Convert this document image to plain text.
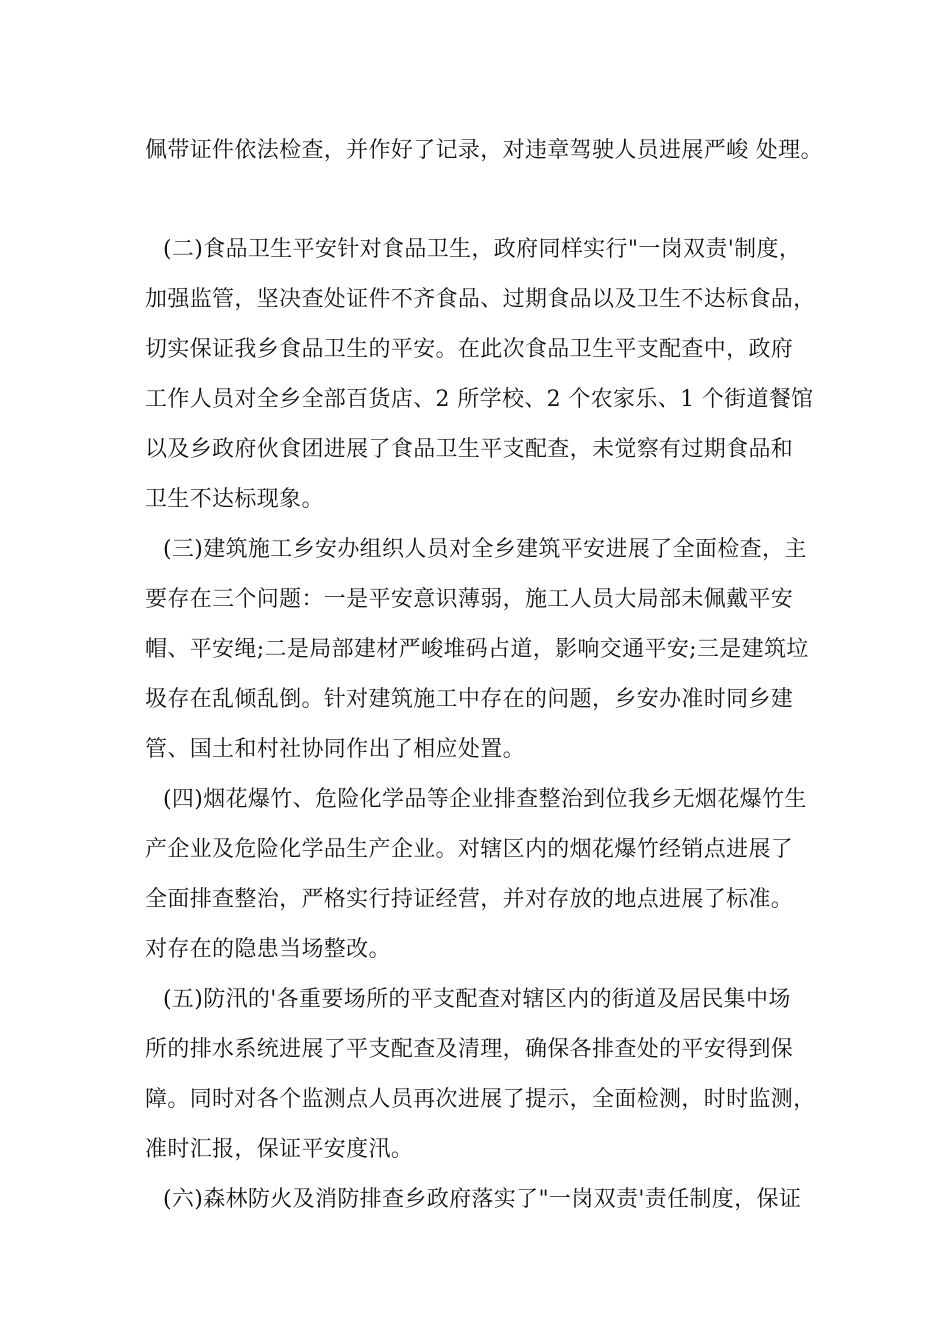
佩带证件依法检查，并作好了记录，对违章驾驶人员进展严峻 处理。
(二)食品卫生平安针对食品卫生，政府同样实行"一岗双责'制度，
加强监管，坚决查处证件不齐食品、过期食品以及卫生不达标食品，
切实保证我乡食品卫生的平安。在此次食品卫生平支配查中，政府
工作人员对全乡全部百货店、2 所学校、2 个农家乐、1 个街道餐馆
以及乡政府伙食团进展了食品卫生平支配查，未觉察有过期食品和
卫生不达标现象。
(三)建筑施工乡安办组织人员对全乡建筑平安进展了全面检查，主
要存在三个问题：一是平安意识薄弱，施工人员大局部未佩戴平安
帽、平安绳;二是局部建材严峻堆码占道，影响交通平安;三是建筑垃
圾存在乱倾乱倒。针对建筑施工中存在的问题，乡安办准时同乡建
管、国土和村社协同作出了相应处置。
(四)烟花爆竹、危险化学品等企业排查整治到位我乡无烟花爆竹生
产企业及危险化学品生产企业。对辖区内的烟花爆竹经销点进展了
全面排查整治，严格实行持证经营，并对存放的地点进展了标准。
对存在的隐患当场整改。
(五)防汛的'各重要场所的平支配查对辖区内的街道及居民集中场
所的排水系统进展了平支配查及清理，确保各排查处的平安得到保
障。同时对各个监测点人员再次进展了提示，全面检测，时时监测，
准时汇报，保证平安度汛。
(六)森林防火及消防排查乡政府落实了"一岗双责'责任制度，保证
